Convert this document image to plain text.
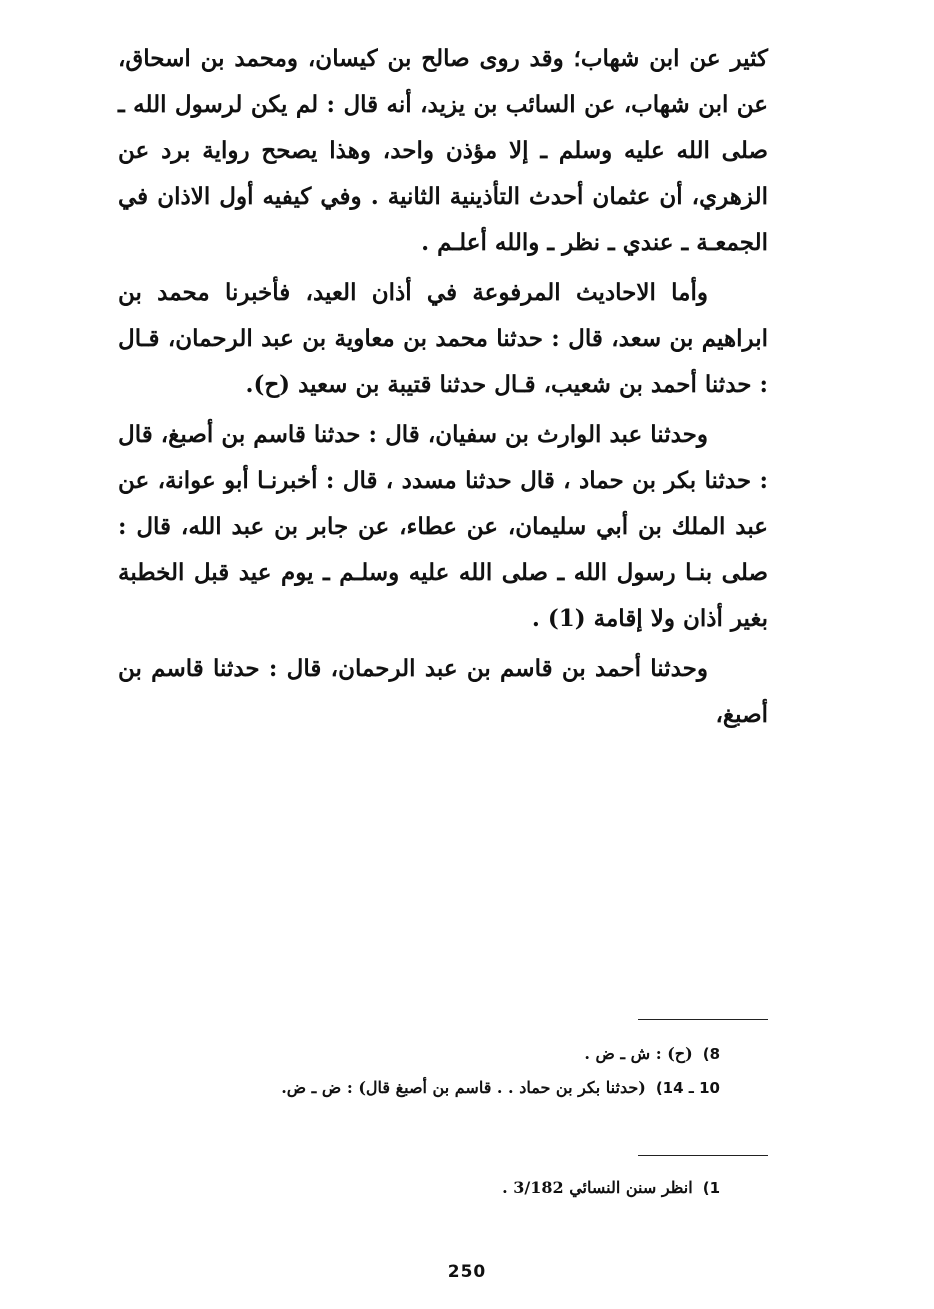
كثير عن ابن شهاب؛ وقد روى صالح بن كيسان، ومحمد بن اسحاق، عن ابن شهاب، عن السائب بن يزيد، أنه قال : لم يكن لرسول الله ـ صلى الله عليه وسلم ـ إلا مؤذن واحد، وهذا يصحح رواية برد عن الزهري، أن عثمان أحدث التأذينية الثانية . وفي كيفيه أول الاذان في الجمعـة ـ عندي ـ نظر ـ والله أعلـم .

وأما الاحاديث المرفوعة في أذان العيد، فأخبرنا محمد بن ابراهيم بن سعد، قال : حدثنا محمد بن معاوية بن عبد الرحمان، قـال : حدثنا أحمد بن شعيب، قـال حدثنا قتيبة بن سعيد (ح).

وحدثنا عبد الوارث بن سفيان، قال : حدثنا قاسم بن أصبغ، قال : حدثنا بكر بن حماد ، قال حدثنا مسدد ، قال : أخبرنـا أبو عوانة، عن عبد الملك بن أبي سليمان، عن عطاء، عن جابر بن عبد الله، قال : صلى بنـا رسول الله ـ صلى الله عليه وسلـم ـ يوم عيد قبل الخطبة بغير أذان ولا إقامة (1) .

وحدثنا أحمد بن قاسم بن عبد الرحمان، قال : حدثنا قاسم بن أصبغ،

8)(ح) : ش ـ ض .
10 ـ 14)(حدثنا بكر بن حماد . . قاسم بن أصبغ قال) : ض ـ ض.
1)انظر سنن النسائي 3/182 .
250
